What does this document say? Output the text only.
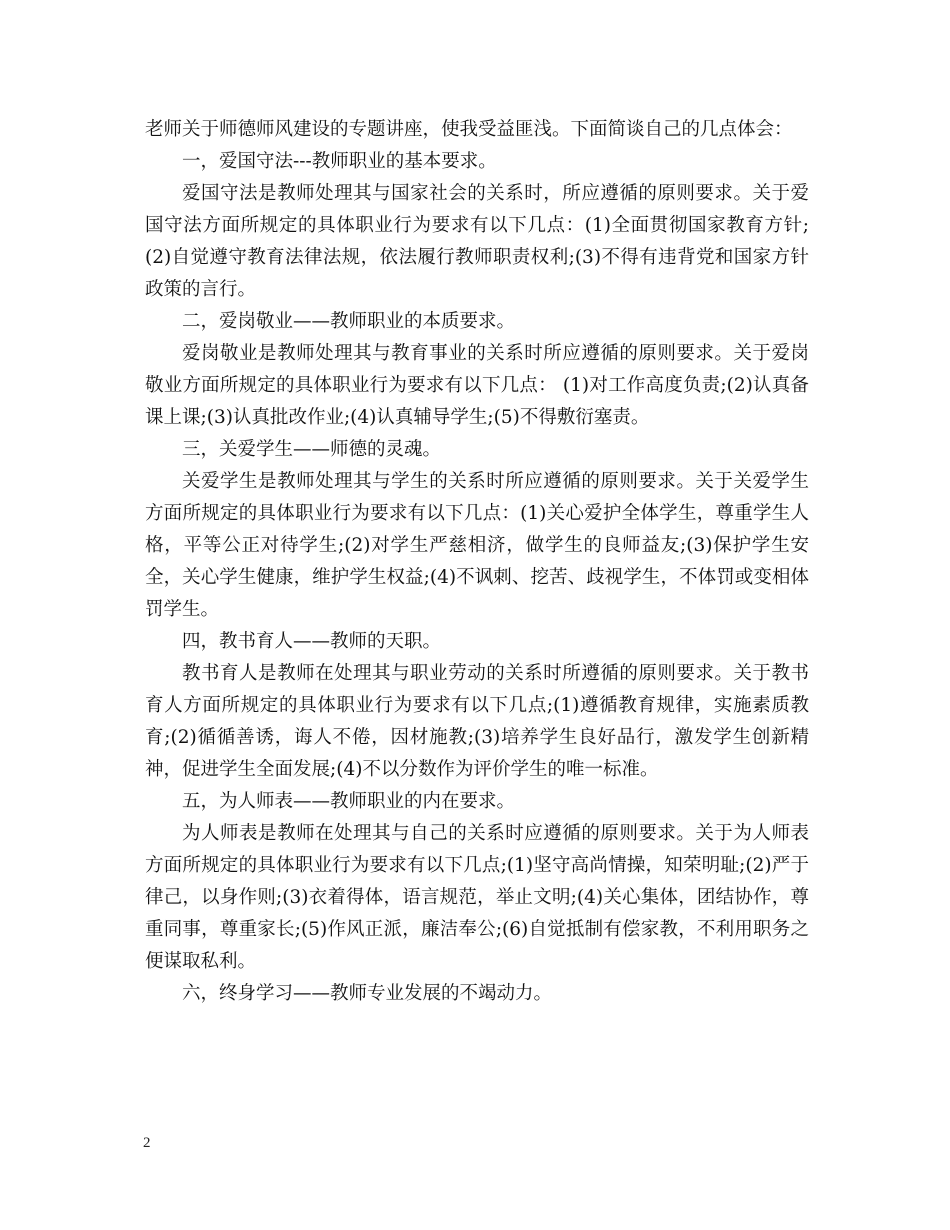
老师关于师德师风建设的专题讲座，使我受益匪浅。下面简谈自己的几点体会：

一，爱国守法---教师职业的基本要求。

爱国守法是教师处理其与国家社会的关系时，所应遵循的原则要求。关于爱国守法方面所规定的具体职业行为要求有以下几点：(1)全面贯彻国家教育方针;(2)自觉遵守教育法律法规，依法履行教师职责权利;(3)不得有违背党和国家方针政策的言行。

二，爱岗敬业——教师职业的本质要求。

爱岗敬业是教师处理其与教育事业的关系时所应遵循的原则要求。关于爱岗敬业方面所规定的具体职业行为要求有以下几点： (1)对工作高度负责;(2)认真备课上课;(3)认真批改作业;(4)认真辅导学生;(5)不得敷衍塞责。

三，关爱学生——师德的灵魂。

关爱学生是教师处理其与学生的关系时所应遵循的原则要求。关于关爱学生方面所规定的具体职业行为要求有以下几点：(1)关心爱护全体学生，尊重学生人格，平等公正对待学生;(2)对学生严慈相济，做学生的良师益友;(3)保护学生安全，关心学生健康，维护学生权益;(4)不讽刺、挖苦、歧视学生，不体罚或变相体罚学生。

四，教书育人——教师的天职。

教书育人是教师在处理其与职业劳动的关系时所遵循的原则要求。关于教书育人方面所规定的具体职业行为要求有以下几点;(1)遵循教育规律，实施素质教育;(2)循循善诱，诲人不倦，因材施教;(3)培养学生良好品行，激发学生创新精神，促进学生全面发展;(4)不以分数作为评价学生的唯一标准。

五，为人师表——教师职业的内在要求。

为人师表是教师在处理其与自己的关系时应遵循的原则要求。关于为人师表方面所规定的具体职业行为要求有以下几点;(1)坚守高尚情操，知荣明耻;(2)严于律己，以身作则;(3)衣着得体，语言规范，举止文明;(4)关心集体，团结协作，尊重同事，尊重家长;(5)作风正派，廉洁奉公;(6)自觉抵制有偿家教，不利用职务之便谋取私利。

六，终身学习——教师专业发展的不竭动力。

2
